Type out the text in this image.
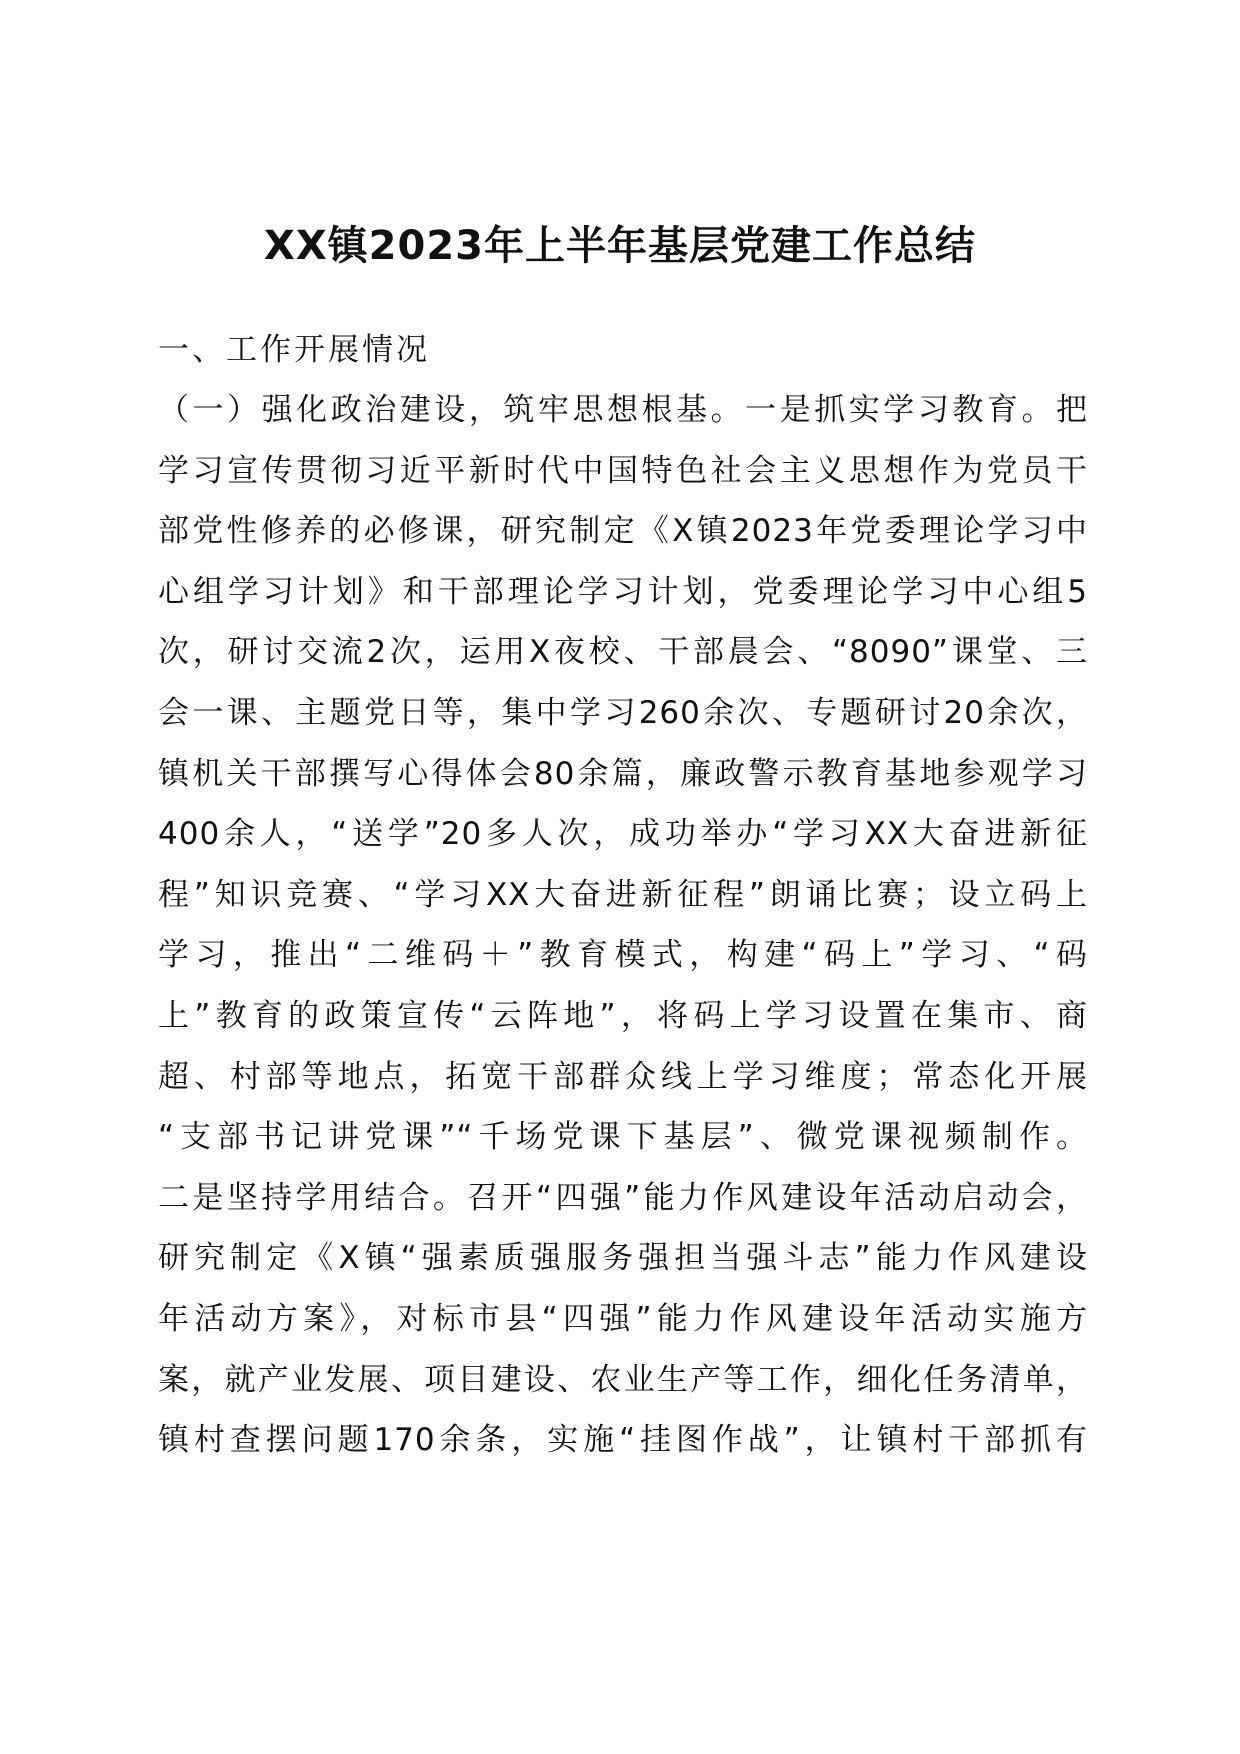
XX镇2023年上半年基层党建工作总结
一、工作开展情况
（一）强化政治建设，筑牢思想根基。一是抓实学习教育。把
学习宣传贯彻习近平新时代中国特色社会主义思想作为党员干
部党性修养的必修课，研究制定《X镇2023年党委理论学习中
心组学习计划》和干部理论学习计划，党委理论学习中心组5
次，研讨交流2次，运用X夜校、干部晨会、“8090”课堂、三
会一课、主题党日等，集中学习260余次、专题研讨20余次，
镇机关干部撰写心得体会80余篇，廉政警示教育基地参观学习
400余人，“送学”20多人次，成功举办“学习XX大奋进新征
程”知识竞赛、“学习XX大奋进新征程”朗诵比赛；设立码上
学习，推出“二维码＋”教育模式，构建“码上”学习、“码
上”教育的政策宣传“云阵地”，将码上学习设置在集市、商
超、村部等地点，拓宽干部群众线上学习维度；常态化开展
“支部书记讲党课”“千场党课下基层”、微党课视频制作。
二是坚持学用结合。召开“四强”能力作风建设年活动启动会，
研究制定《X镇“强素质强服务强担当强斗志”能力作风建设
年活动方案》，对标市县“四强”能力作风建设年活动实施方
案，就产业发展、项目建设、农业生产等工作，细化任务清单，
镇村查摆问题170余条，实施“挂图作战”，让镇村干部抓有
